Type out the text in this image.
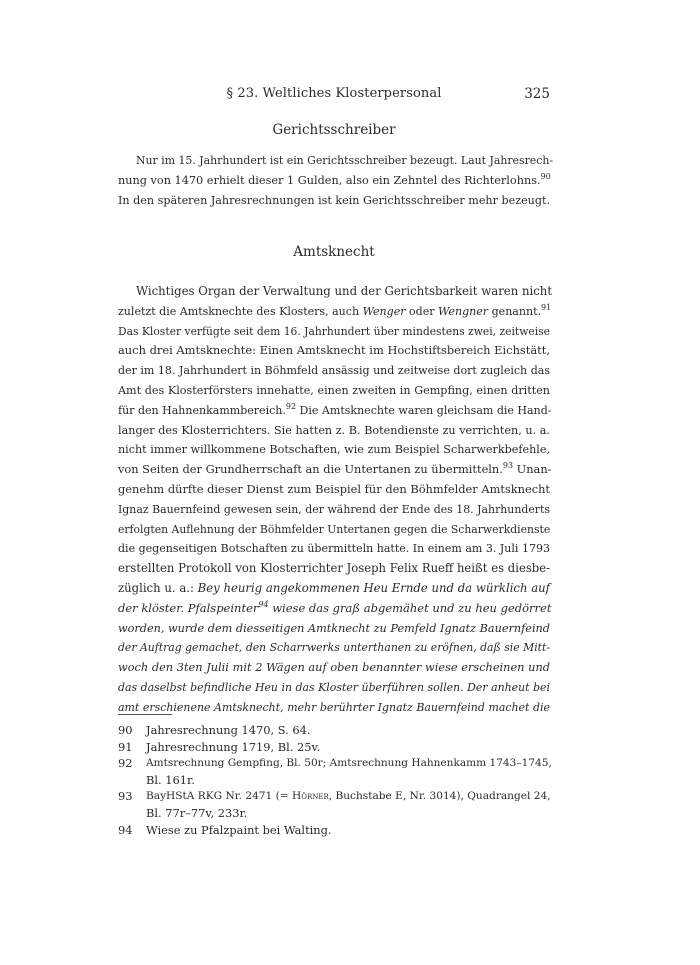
§ 23. Weltliches Klosterpersonal	325
Gerichtsschreiber
Nur im 15. Jahrhundert ist ein Gerichtsschreiber bezeugt. Laut Jahresrech-
nung von 1470 erhielt dieser 1 Gulden, also ein Zehntel des Richterlohns.$^{90}$
In den späteren Jahresrechnungen ist kein Gerichtsschreiber mehr bezeugt.
Amtsknecht
Wichtiges Organ der Verwaltung und der Gerichtsbarkeit waren nicht
zuletzt die Amtsknechte des Klosters, auch Wenger oder Wengner genannt.$^{91}$
Das Kloster verfügte seit dem 16. Jahrhundert über mindestens zwei, zeitweise
auch drei Amtsknechte: Einen Amtsknecht im Hochstiftsbereich Eichstätt,
der im 18. Jahrhundert in Böhmfeld ansässig und zeitweise dort zugleich das
Amt des Klosterförsters innehatte, einen zweiten in Gempfing, einen dritten
für den Hahnenkammbereich.$^{92}$ Die Amtsknechte waren gleichsam die Hand-
langer des Klosterrichters. Sie hatten z. B. Botendienste zu verrichten, u. a.
nicht immer willkommene Botschaften, wie zum Beispiel Scharwerkbefehle,
von Seiten der Grundherrschaft an die Untertanen zu übermitteln.$^{93}$ Unan-
genehm dürfte dieser Dienst zum Beispiel für den Böhmfelder Amtsknecht
Ignaz Bauernfeind gewesen sein, der während der Ende des 18. Jahrhunderts
erfolgten Auflehnung der Böhmfelder Untertanen gegen die Scharwerkdienste
die gegenseitigen Botschaften zu übermitteln hatte. In einem am 3. Juli 1793
erstellten Protokoll von Klosterrichter Joseph Felix Rueff heißt es diesbe-
züglich u. a.: Bey heurig angekommenen Heu Ernde und da würklich auf
der klöster. Pfalspeinter$^{94}$ wiese das graß abgemähet und zu heu gedörret
worden, wurde dem diesseitigen Amtknecht zu Pemfeld Ignatz Bauernfeind
der Auftrag gemachet, den Scharrwerks unterthanen zu eröfnen, daß sie Mitt-
woch den 3ten Julii mit 2 Wägen auf oben benannter wiese erscheinen und
das daselbst befindliche Heu in das Kloster überführen sollen. Der anheut bei
amt erschienene Amtsknecht, mehr berührter Ignatz Bauernfeind machet die
90	Jahresrechnung 1470, S. 64.
91	Jahresrechnung 1719, Bl. 25v.
92	Amtsrechnung Gempfing, Bl. 50r; Amtsrechnung Hahnenkamm 1743–1745,
Bl. 161r.
93	BayHStA RKG Nr. 2471 (= Hörner, Buchstabe E, Nr. 3014), Quadrangel 24,
Bl. 77r–77v, 233r.
94	Wiese zu Pfalzpaint bei Walting.
